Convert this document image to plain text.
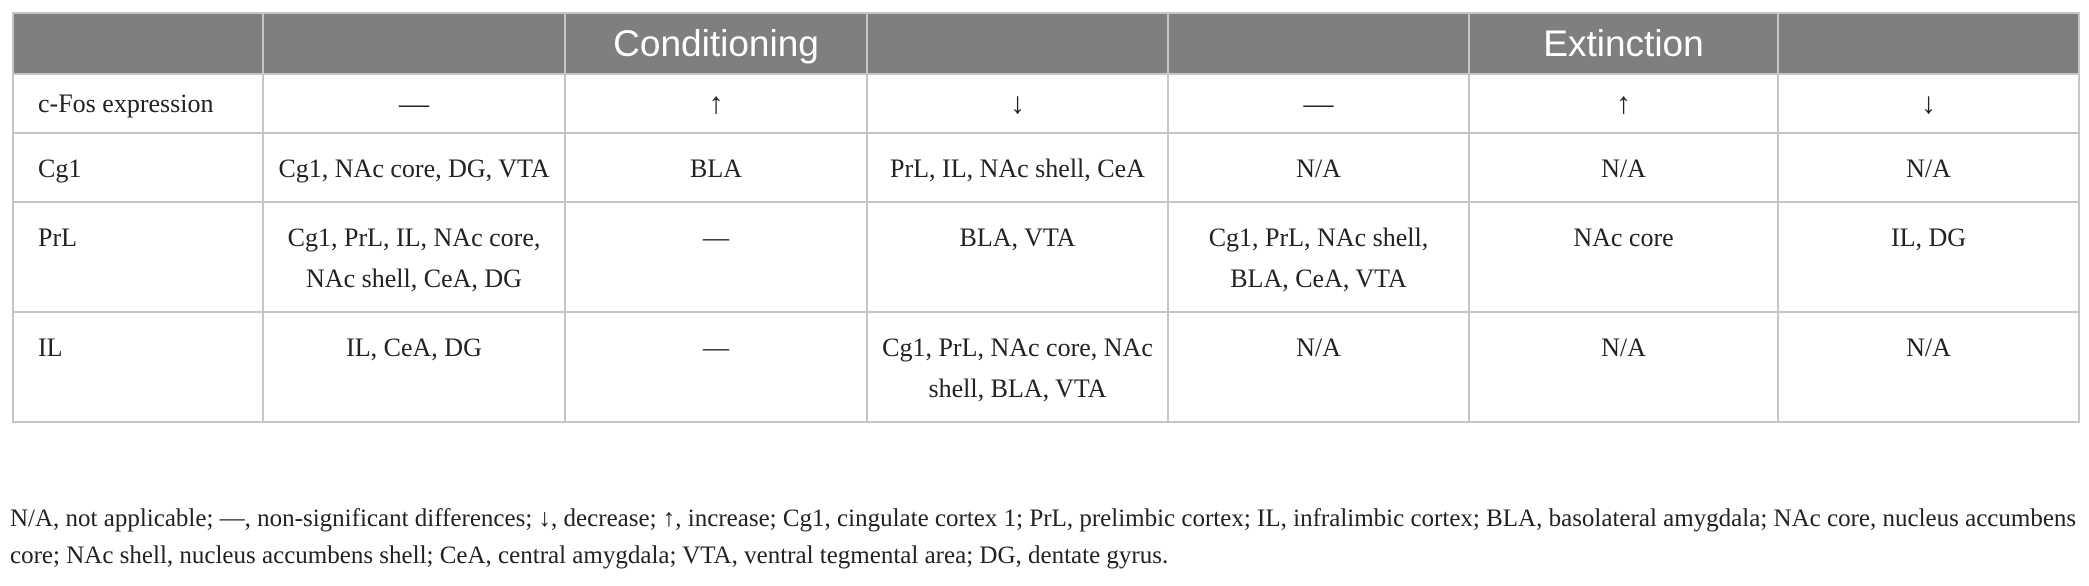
		Conditioning			Extinction	
c-Fos expression	—	↑	↓	—	↑	↓
Cg1	Cg1, NAc core, DG, VTA	BLA	PrL, IL, NAc shell, CeA	N/A	N/A	N/A
PrL	Cg1, PrL, IL, NAc core, NAc shell, CeA, DG	—	BLA, VTA	Cg1, PrL, NAc shell, BLA, CeA, VTA	NAc core	IL, DG
IL	IL, CeA, DG	—	Cg1, PrL, NAc core, NAc shell, BLA, VTA	N/A	N/A	N/A
N/A, not applicable; —, non-significant differences; ↓, decrease; ↑, increase; Cg1, cingulate cortex 1; PrL, prelimbic cortex; IL, infralimbic cortex; BLA, basolateral amygdala; NAc core, nucleus accumbens core; NAc shell, nucleus accumbens shell; CeA, central amygdala; VTA, ventral tegmental area; DG, dentate gyrus.
